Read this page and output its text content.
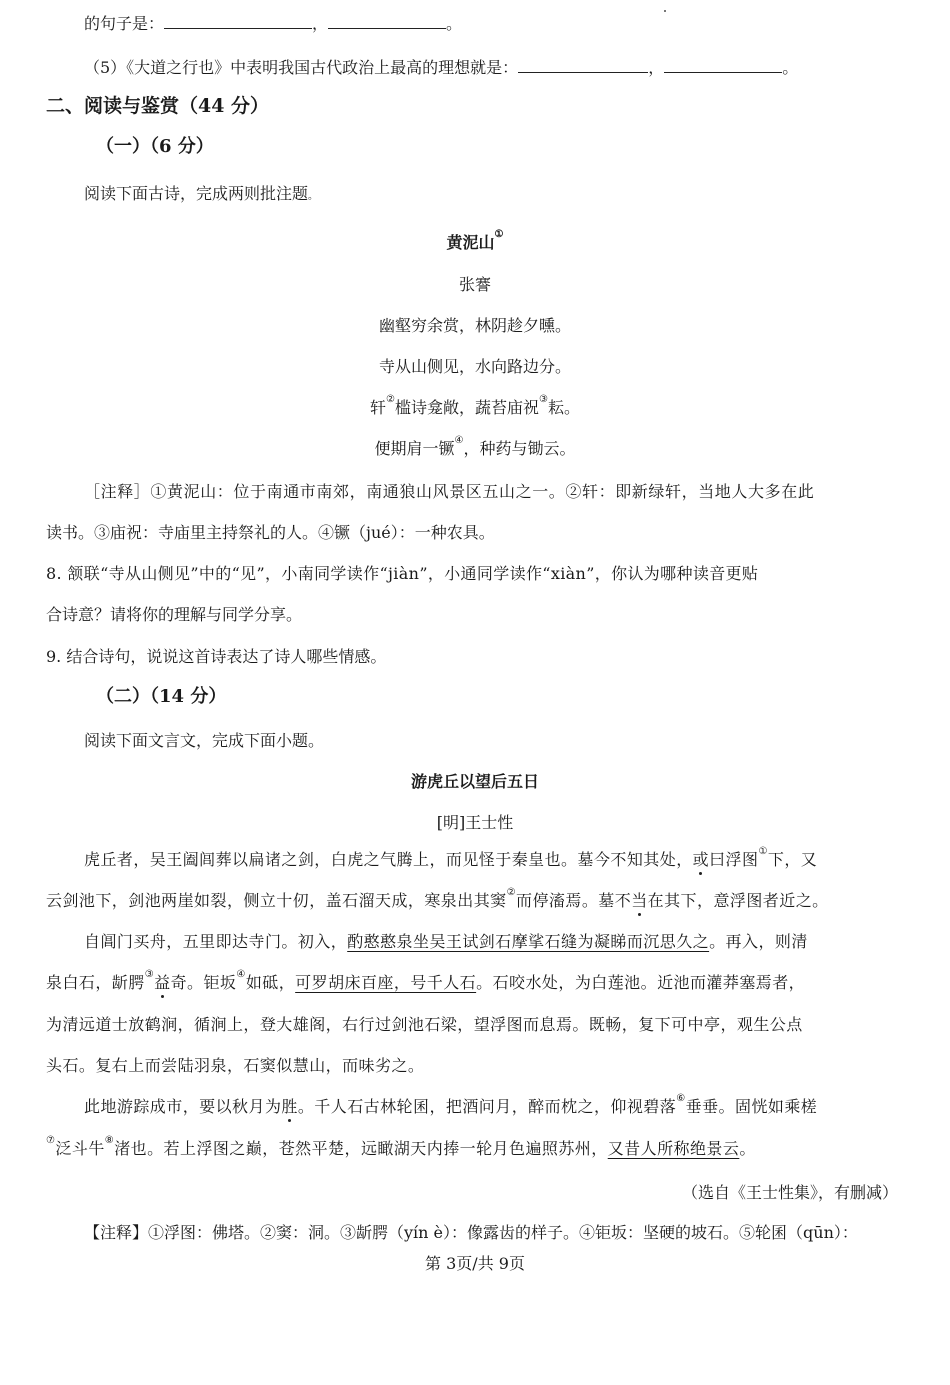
的句子是：	，	。
（5）《大道之行也》中表明我国古代政治上最高的理想就是：	，	。
二、阅读与鉴赏（44 分）
（一）（6 分）
阅读下面古诗，完成两则批注题。
黄泥山①
张謇
幽壑穷余赏，林阴趁夕曛。
寺从山侧见，水向路边分。
轩②槛诗龛敞，蔬苔庙祝③耘。
便期肩一镢④，种药与锄云。
［注释］①黄泥山：位于南通市南郊，南通狼山风景区五山之一。②轩：即新绿轩，当地人大多在此
读书。③庙祝：寺庙里主持祭礼的人。④镢（jué）：一种农具。
8. 颔联“寺从山侧见”中的“见”，小南同学读作“jiàn”，小通同学读作“xiàn”，你认为哪种读音更贴
合诗意？请将你的理解与同学分享。
9. 结合诗句，说说这首诗表达了诗人哪些情感。
（二）（14 分）
阅读下面文言文，完成下面小题。
游虎丘以望后五日
[明]王士性
虎丘者，吴王阖闾葬以扁诸之剑，白虎之气腾上，而见怪于秦皇也。墓今不知其处，或曰浮图①下，又
云剑池下，剑池两崖如裂，侧立十仞，盖石溜天成，寒泉出其窦②而停滀焉。墓不当在其下，意浮图者近之。
自阊门买舟，五里即达寺门。初入，酌憨憨泉坐吴王试剑石摩挲石缝为凝睇而沉思久之。再入，则清
泉白石，龂腭③益奇。钜坂④如砥，可罗胡床百座，号千人石。石咬水处，为白莲池。近池而灌莽塞焉者，
为清远道士放鹤涧，循涧上，登大雄阁，右行过剑池石梁，望浮图而息焉。既畅，复下可中亭，观生公点
头石。复右上而尝陆羽泉，石窦似慧山，而味劣之。
此地游踪成市，要以秋月为胜。千人石古林轮囷，把酒问月，醉而枕之，仰视碧落⑥垂垂。固恍如乘槎
⑦泛斗牛⑧渚也。若上浮图之巅，苍然平楚，远瞰湖天内捧一轮月色遍照苏州，又昔人所称绝景云。
（选自《王士性集》，有删减）
【注释】①浮图：佛塔。②窦：洞。③龂腭（yín è）：像露齿的样子。④钜坂：坚硬的坡石。⑤轮囷（qūn）：
第 3页/共 9页
